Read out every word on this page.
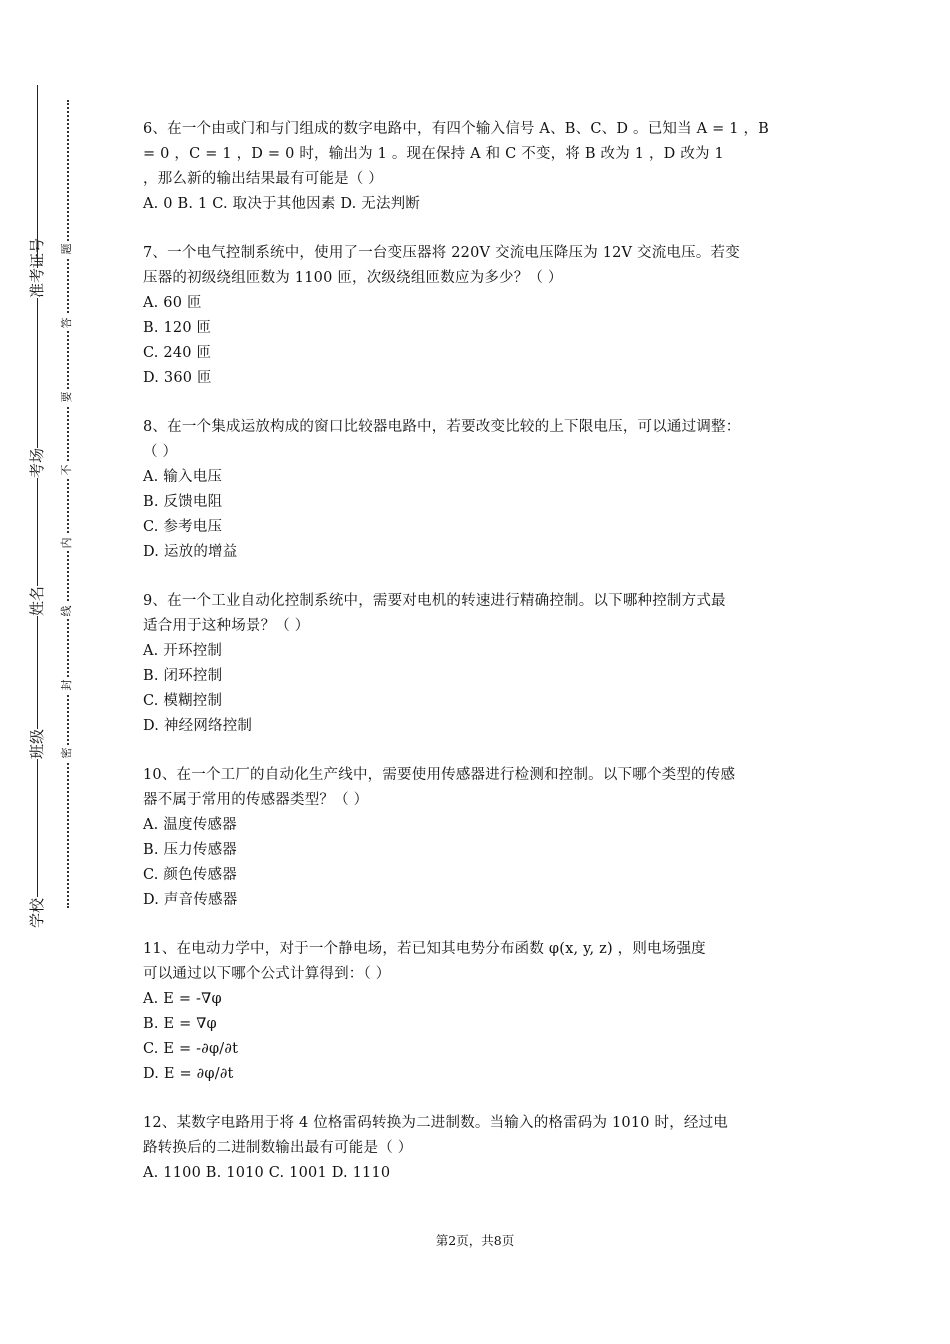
准考证号
考场
姓名
班级
学校
题
答
要
不
内
线
封
密

6、在一个由或门和与门组成的数字电路中，有四个输入信号 A、B、C、D 。已知当 A = 1 ，B

= 0 ，C = 1 ，D = 0 时，输出为 1 。现在保持 A 和 C 不变，将 B 改为 1 ，D 改为 1

，那么新的输出结果最有可能是（ ）

A. 0 B. 1 C. 取决于其他因素 D. 无法判断

7、一个电气控制系统中，使用了一台变压器将 220V 交流电压降压为 12V 交流电压。若变

压器的初级绕组匝数为 1100 匝，次级绕组匝数应为多少？（ ）

A. 60 匝

B. 120 匝

C. 240 匝

D. 360 匝

8、在一个集成运放构成的窗口比较器电路中，若要改变比较的上下限电压，可以通过调整：

（ ）

A. 输入电压

B. 反馈电阻

C. 参考电压

D. 运放的增益

9、在一个工业自动化控制系统中，需要对电机的转速进行精确控制。以下哪种控制方式最

适合用于这种场景？（ ）

A. 开环控制

B. 闭环控制

C. 模糊控制

D. 神经网络控制

10、在一个工厂的自动化生产线中，需要使用传感器进行检测和控制。以下哪个类型的传感

器不属于常用的传感器类型？（ ）

A. 温度传感器

B. 压力传感器

C. 颜色传感器

D. 声音传感器

11、在电动力学中，对于一个静电场，若已知其电势分布函数 φ(x, y, z) ，则电场强度

可以通过以下哪个公式计算得到：（ ）

A. E = -∇φ

B. E = ∇φ

C. E = -∂φ/∂t

D. E = ∂φ/∂t

12、某数字电路用于将 4 位格雷码转换为二进制数。当输入的格雷码为 1010 时，经过电

路转换后的二进制数输出最有可能是（ ）

A. 1100 B. 1010 C. 1001 D. 1110

第2页，共8页
